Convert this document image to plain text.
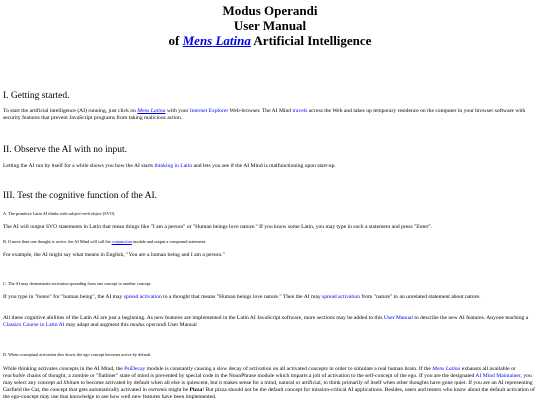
Modus Operandi
User Manual
of Mens Latina Artificial Intelligence
I. Getting started.

To start the artificial intelligence (AI) running, just click on Mens Latina with your Internet Explorer Web-browser. The AI Mind travels across the Web and takes up temporary residence on the computer in your browser software with security features that prevent JavaScript programs from taking malicious action.

II. Observe the AI with no input.

Letting the AI run by itself for a while shows you how the AI starts thinking in Latin and lets you see if the AI Mind is malfunctioning upon start-up.

III. Test the cognitive function of the AI.

A. The primitive Latin AI thinks with subject-verb-object (SVO).

The AI will output SVO statements in Latin that mean things like "I am a person" or "Human beings love nature." If you know some Latin, you may type in such a statement and press "Enter".

B. If more than one thought is active, the AI Mind will call the conjunction module and output a compound statement.

For example, the AI might say what means in English, "You are a human being and I am a person."

C. The AI may demonstrate activation spreading from one concept to another concept.

If you type in "homo" for "human being", the AI may spread activation to a thought that means "Human beings love nature." Then the AI may spread activation from "nature" to an unrelated statement about nature.

All these cognitive abilities of the Latin AI are just a beginning. As new features are implemented in the Latin AI JavaScript software, more sections may be added to this User Manual to describe the new AI features. Anyone teaching a Classics Course in Latin AI may adapt and augment this modus operandi User Manual

D. When conceptual activation dies down, the ego-concept becomes active by default.

While thinking activates concepts in the AI Mind, the PsiDecay module is constantly causing a slow decay of activation on all activated concepts in order to simulate a real human brain. If the Mens Latina exhausts all available or reachable chains of thought, a zombie or "flatliner" state of mind is prevented by special code in the NounPhrase module which imparts a jolt of activation to the self-concept of the ego. If you are the designated AI Mind Maintainer, you may select any concept ad libitum to become activated by default when all else is quiescent, but it makes sense for a mind, natural or artificial, to think primarily of itself when other thoughts have gone quiet. If you are an AI representing Garfield the Cat, the concept that gets automatically activated in extremis might be Pizza! But pizza should not be the default concept for mission-critical AI applications. Besides, users and testers who know about the default activation of the ego-concept may use that knowledge to see how well new features have been implemented.
